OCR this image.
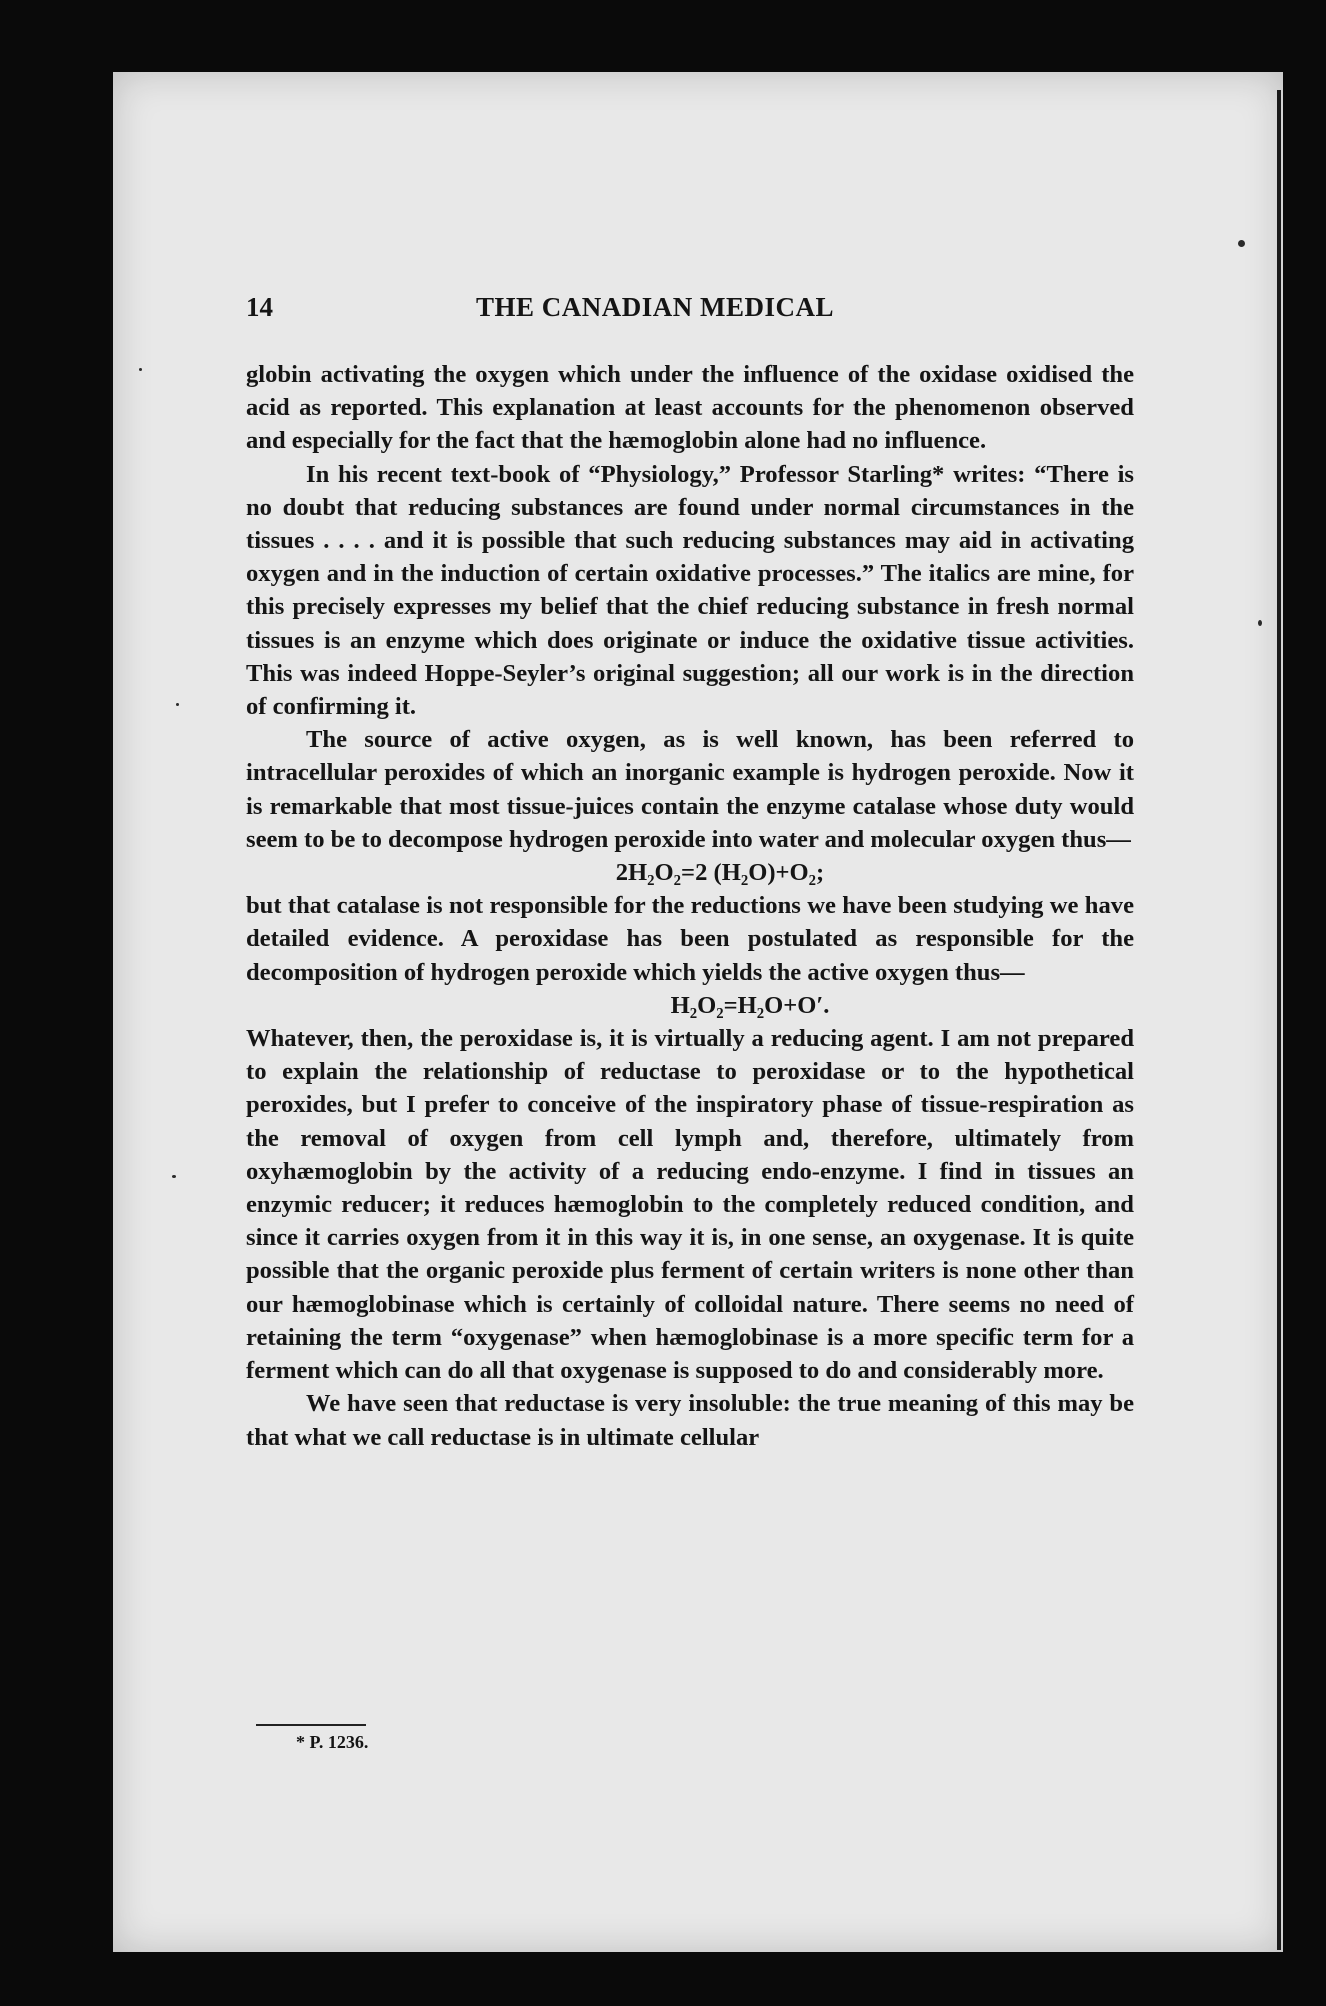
14	THE CANADIAN MEDICAL

globin activating the oxygen which under the influence of the oxidase oxidised the acid as reported. This explanation at least accounts for the phenomenon observed and especially for the fact that the hæmoglobin alone had no influence.

In his recent text-book of “Physiology,” Professor Starling* writes: “There is no doubt that reducing substances are found under normal circumstances in the tissues . . . . and it is possible that such reducing substances may aid in activating oxygen and in the induction of certain oxidative processes.” The italics are mine, for this precisely expresses my belief that the chief reducing substance in fresh normal tissues is an enzyme which does originate or induce the oxidative tissue activities. This was indeed Hoppe-Seyler’s original suggestion; all our work is in the direction of confirming it.

The source of active oxygen, as is well known, has been referred to intracellular peroxides of which an inorganic example is hydrogen peroxide. Now it is remarkable that most tissue-juices contain the enzyme catalase whose duty would seem to be to decompose hydrogen peroxide into water and molecular oxygen thus—

2H₂O₂=2 (H₂O)+O₂;

but that catalase is not responsible for the reductions we have been studying we have detailed evidence. A peroxidase has been postulated as responsible for the decomposition of hydrogen peroxide which yields the active oxygen thus—

H₂O₂=H₂O+O′.

Whatever, then, the peroxidase is, it is virtually a reducing agent. I am not prepared to explain the relationship of reductase to peroxidase or to the hypothetical peroxides, but I prefer to conceive of the inspiratory phase of tissue-respiration as the removal of oxygen from cell lymph and, therefore, ultimately from oxyhæmoglobin by the activity of a reducing endo-enzyme. I find in tissues an enzymic reducer; it reduces hæmoglobin to the completely reduced condition, and since it carries oxygen from it in this way it is, in one sense, an oxygenase. It is quite possible that the organic peroxide plus ferment of certain writers is none other than our hæmoglobinase which is certainly of colloidal nature. There seems no need of retaining the term “oxygenase” when hæmoglobinase is a more specific term for a ferment which can do all that oxygenase is supposed to do and considerably more.

We have seen that reductase is very insoluble: the true meaning of this may be that what we call reductase is in ultimate cellular

* P. 1236.
